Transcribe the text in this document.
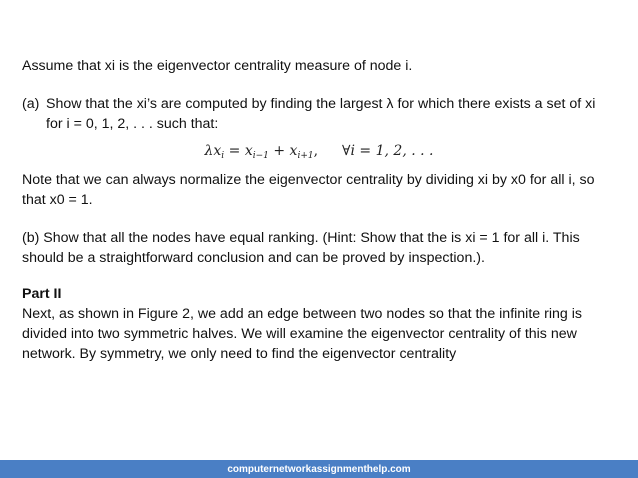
Assume that xi is the eigenvector centrality measure of node i.
(a) Show that the xi’s are computed by finding the largest λ for which there exists a set of xi
for i = 0, 1, 2, . . . such that:
$\lambda x_i = x_{i-1} + x_{i+1}$, ∀i = 1, 2, . . .
Note that we can always normalize the eigenvector centrality by dividing xi by x0 for all i, so
that x0 = 1.
(b) Show that all the nodes have equal ranking. (Hint: Show that the is xi = 1 for all i. This
should be a straightforward conclusion and can be proved by inspection.).
Part II
Next, as shown in Figure 2, we add an edge between two nodes so that the infinite ring is
divided into two symmetric halves. We will examine the eigenvector centrality of this new
network. By symmetry, we only need to find the eigenvector centrality
computernetworkassignmenthelp.com
